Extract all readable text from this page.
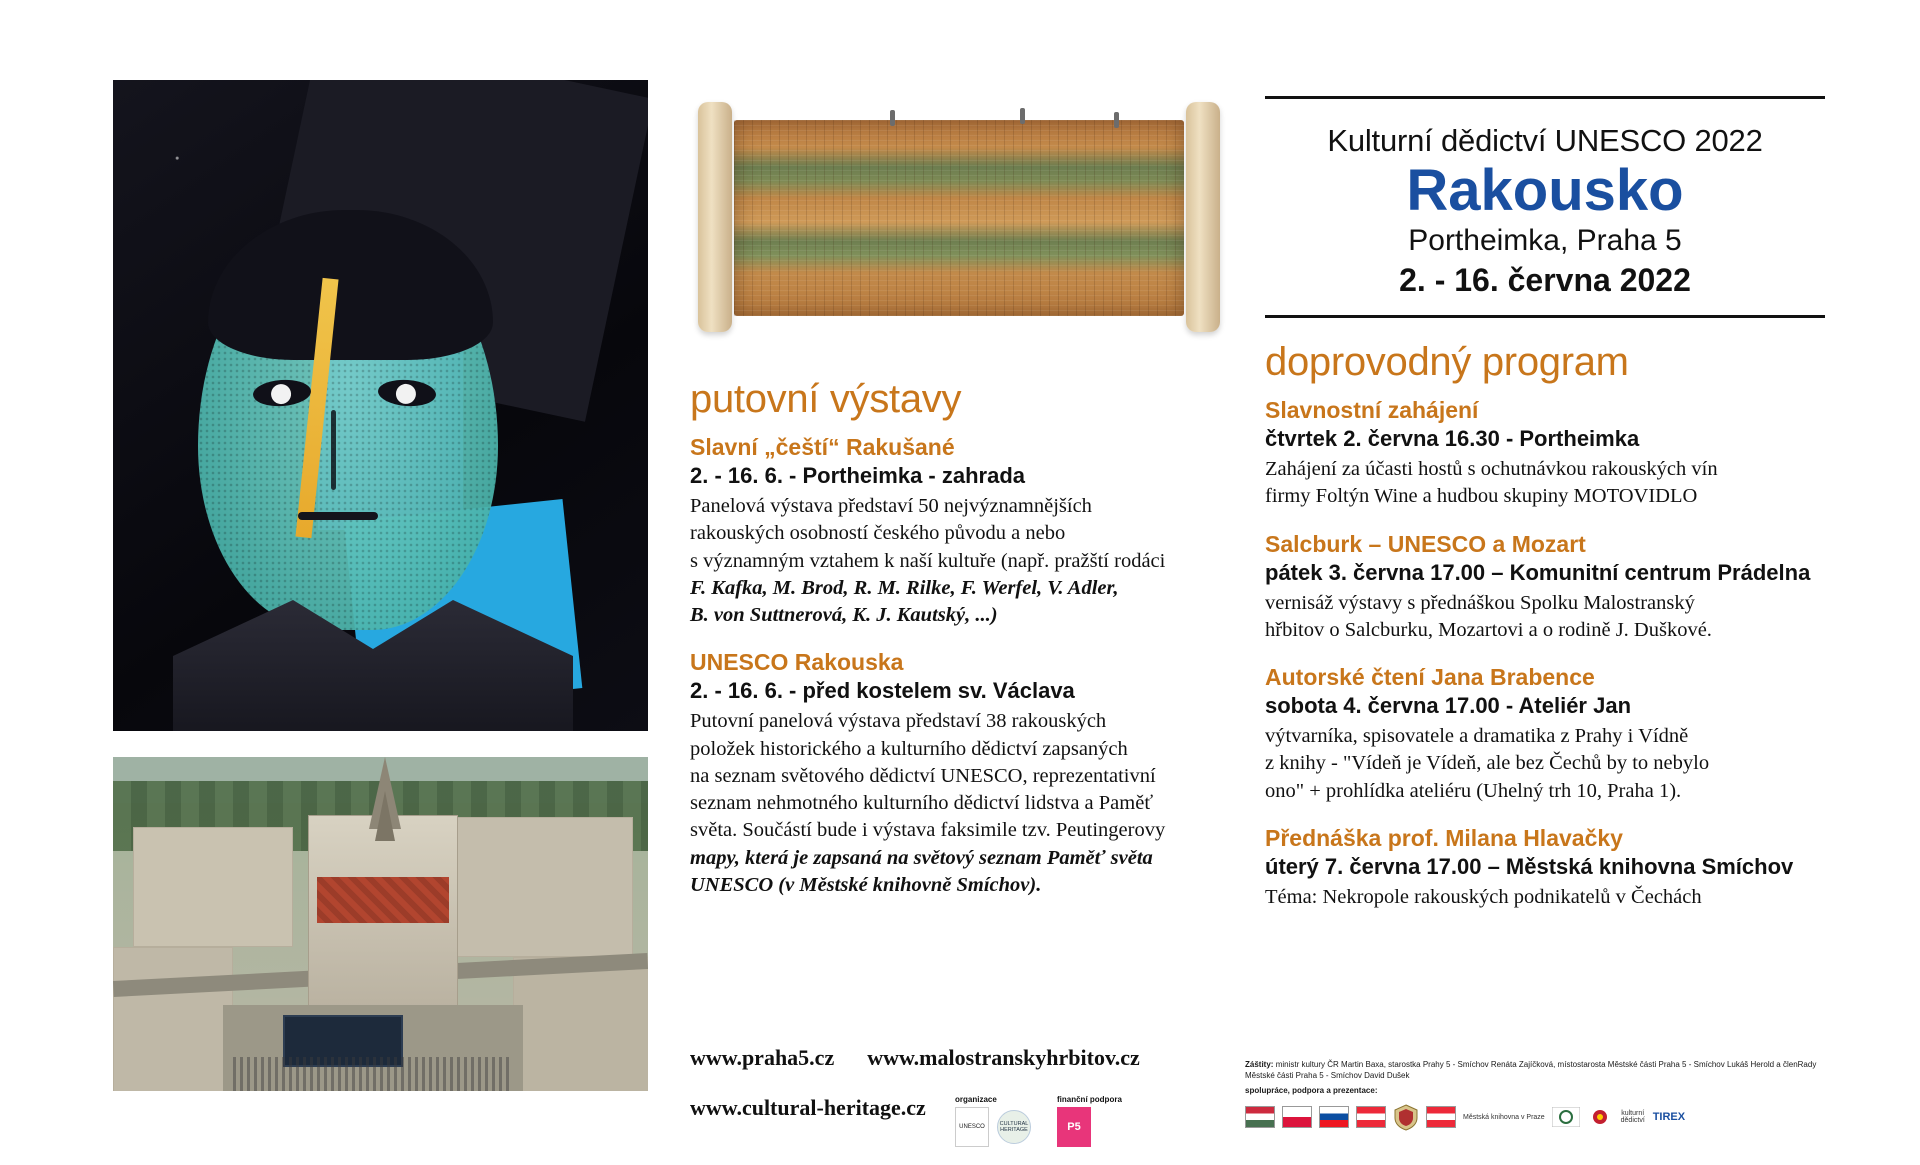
putovní výstavy
Slavní „čeští“ Rakušané
2. - 16. 6. - Portheimka - zahrada
Panelová výstava představí 50 nejvýznamnějších
rakouských osobností českého původu a nebo
s významným vztahem k naší kultuře (např. pražští rodáci
F. Kafka, M. Brod, R. M. Rilke, F. Werfel, V. Adler,
B. von Suttnerová, K. J. Kautský, ...)
UNESCO Rakouska
2. - 16. 6. - před kostelem sv. Václava
Putovní panelová výstava představí 38 rakouských
položek historického a kulturního dědictví zapsaných
na seznam světového dědictví UNESCO, reprezentativní
seznam nehmotného kulturního dědictví lidstva a Paměť
světa. Součástí bude i výstava faksimile tzv. Peutingerovy
mapy, která je zapsaná na světový seznam Paměť světa
UNESCO (v Městské knihovně Smíchov).
Kulturní dědictví UNESCO 2022
Rakousko
Portheimka, Praha 5
2. - 16. června 2022
doprovodný program
Slavnostní zahájení
čtvrtek 2. června 16.30 - Portheimka
Zahájení za účasti hostů s ochutnávkou rakouských vín
firmy Foltýn Wine a hudbou skupiny MOTOVIDLO
Salcburk – UNESCO a Mozart
pátek 3. června 17.00 – Komunitní centrum Prádelna
vernisáž výstavy s přednáškou Spolku Malostranský
hřbitov o Salcburku, Mozartovi a o rodině J. Duškové.
Autorské čtení Jana Brabence
sobota 4. června 17.00 - Ateliér Jan
výtvarníka, spisovatele a dramatika z Prahy i Vídně
z knihy - "Vídeň je Vídeň, ale bez Čechů by to nebylo
ono" + prohlídka ateliéru (Uhelný trh 10, Praha 1).
Přednáška prof. Milana Hlavačky
úterý 7. června 17.00 – Městská knihovna Smíchov
Téma: Nekropole rakouských podnikatelů v Čechách
www.praha5.cz www.malostranskyhrbitov.cz
www.cultural-heritage.cz	organizace
UNESCO	CULTURAL
HERITAGE
finanční podpora
P5
Záštity: ministr kultury ČR Martin Baxa, starostka Prahy 5 - Smíchov Renáta Zajíčková, místostarosta Městské části Praha 5 - Smíchov Lukáš Herold a členRady Městské části Praha 5 - Smíchov David Dušek
spolupráce, podpora a prezentace:
Městská knihovna v Praze
kulturní
dědictví TIREX
